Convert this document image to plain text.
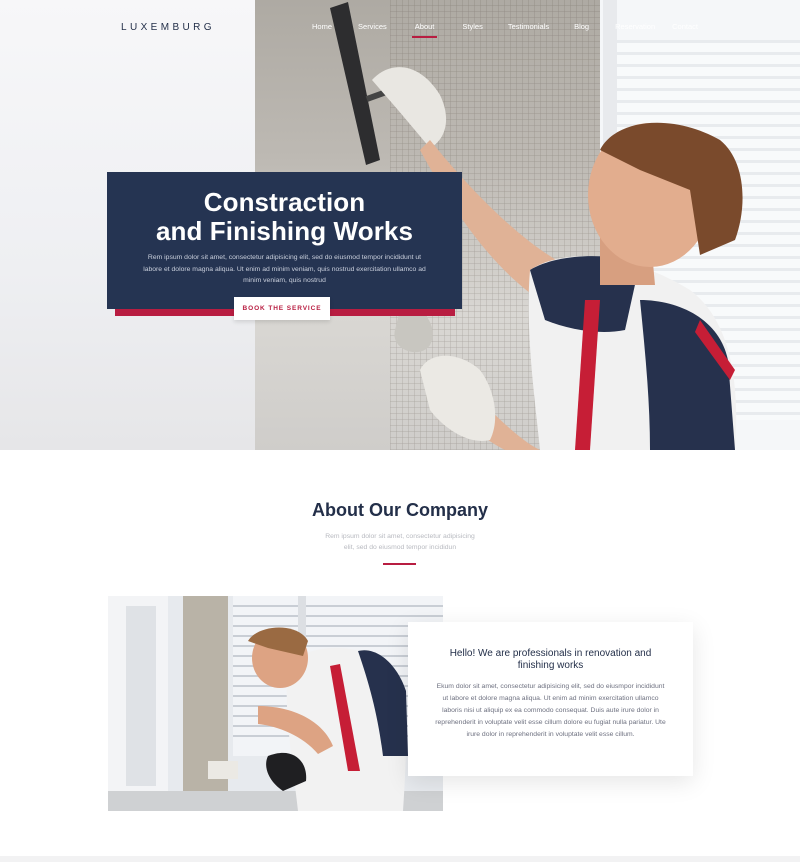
LUXEMBURG	Home	Services	About	Styles	Testimonials	Blog	Reservation Contact
Constraction
and Finishing Works

Rem ipsum dolor sit amet, consectetur adipisicing elit, sed do eiusmod tempor incididunt ut labore et dolore magna aliqua. Ut enim ad minim veniam, quis nostrud exercitation ullamco ad minim veniam, quis nostrud

BOOK THE SERVICE
About Our Company

Rem ipsum dolor sit amet, consectetur adipisicing elit, sed do eiusmod tempor incididun

Hello! We are professionals in renovation and finishing works

Ekum dolor sit amet, consectetur adipisicing elit, sed do eiusmpor incididunt ut labore et dolore magna aliqua. Ut enim ad minim exercitation ullamco laboris nisi ut aliquip ex ea commodo consequat. Duis aute irure dolor in reprehenderit in voluptate velit esse cillum dolore eu fugiat nulla pariatur. Ute irure dolor in reprehenderit in voluptate velit esse cillum.
